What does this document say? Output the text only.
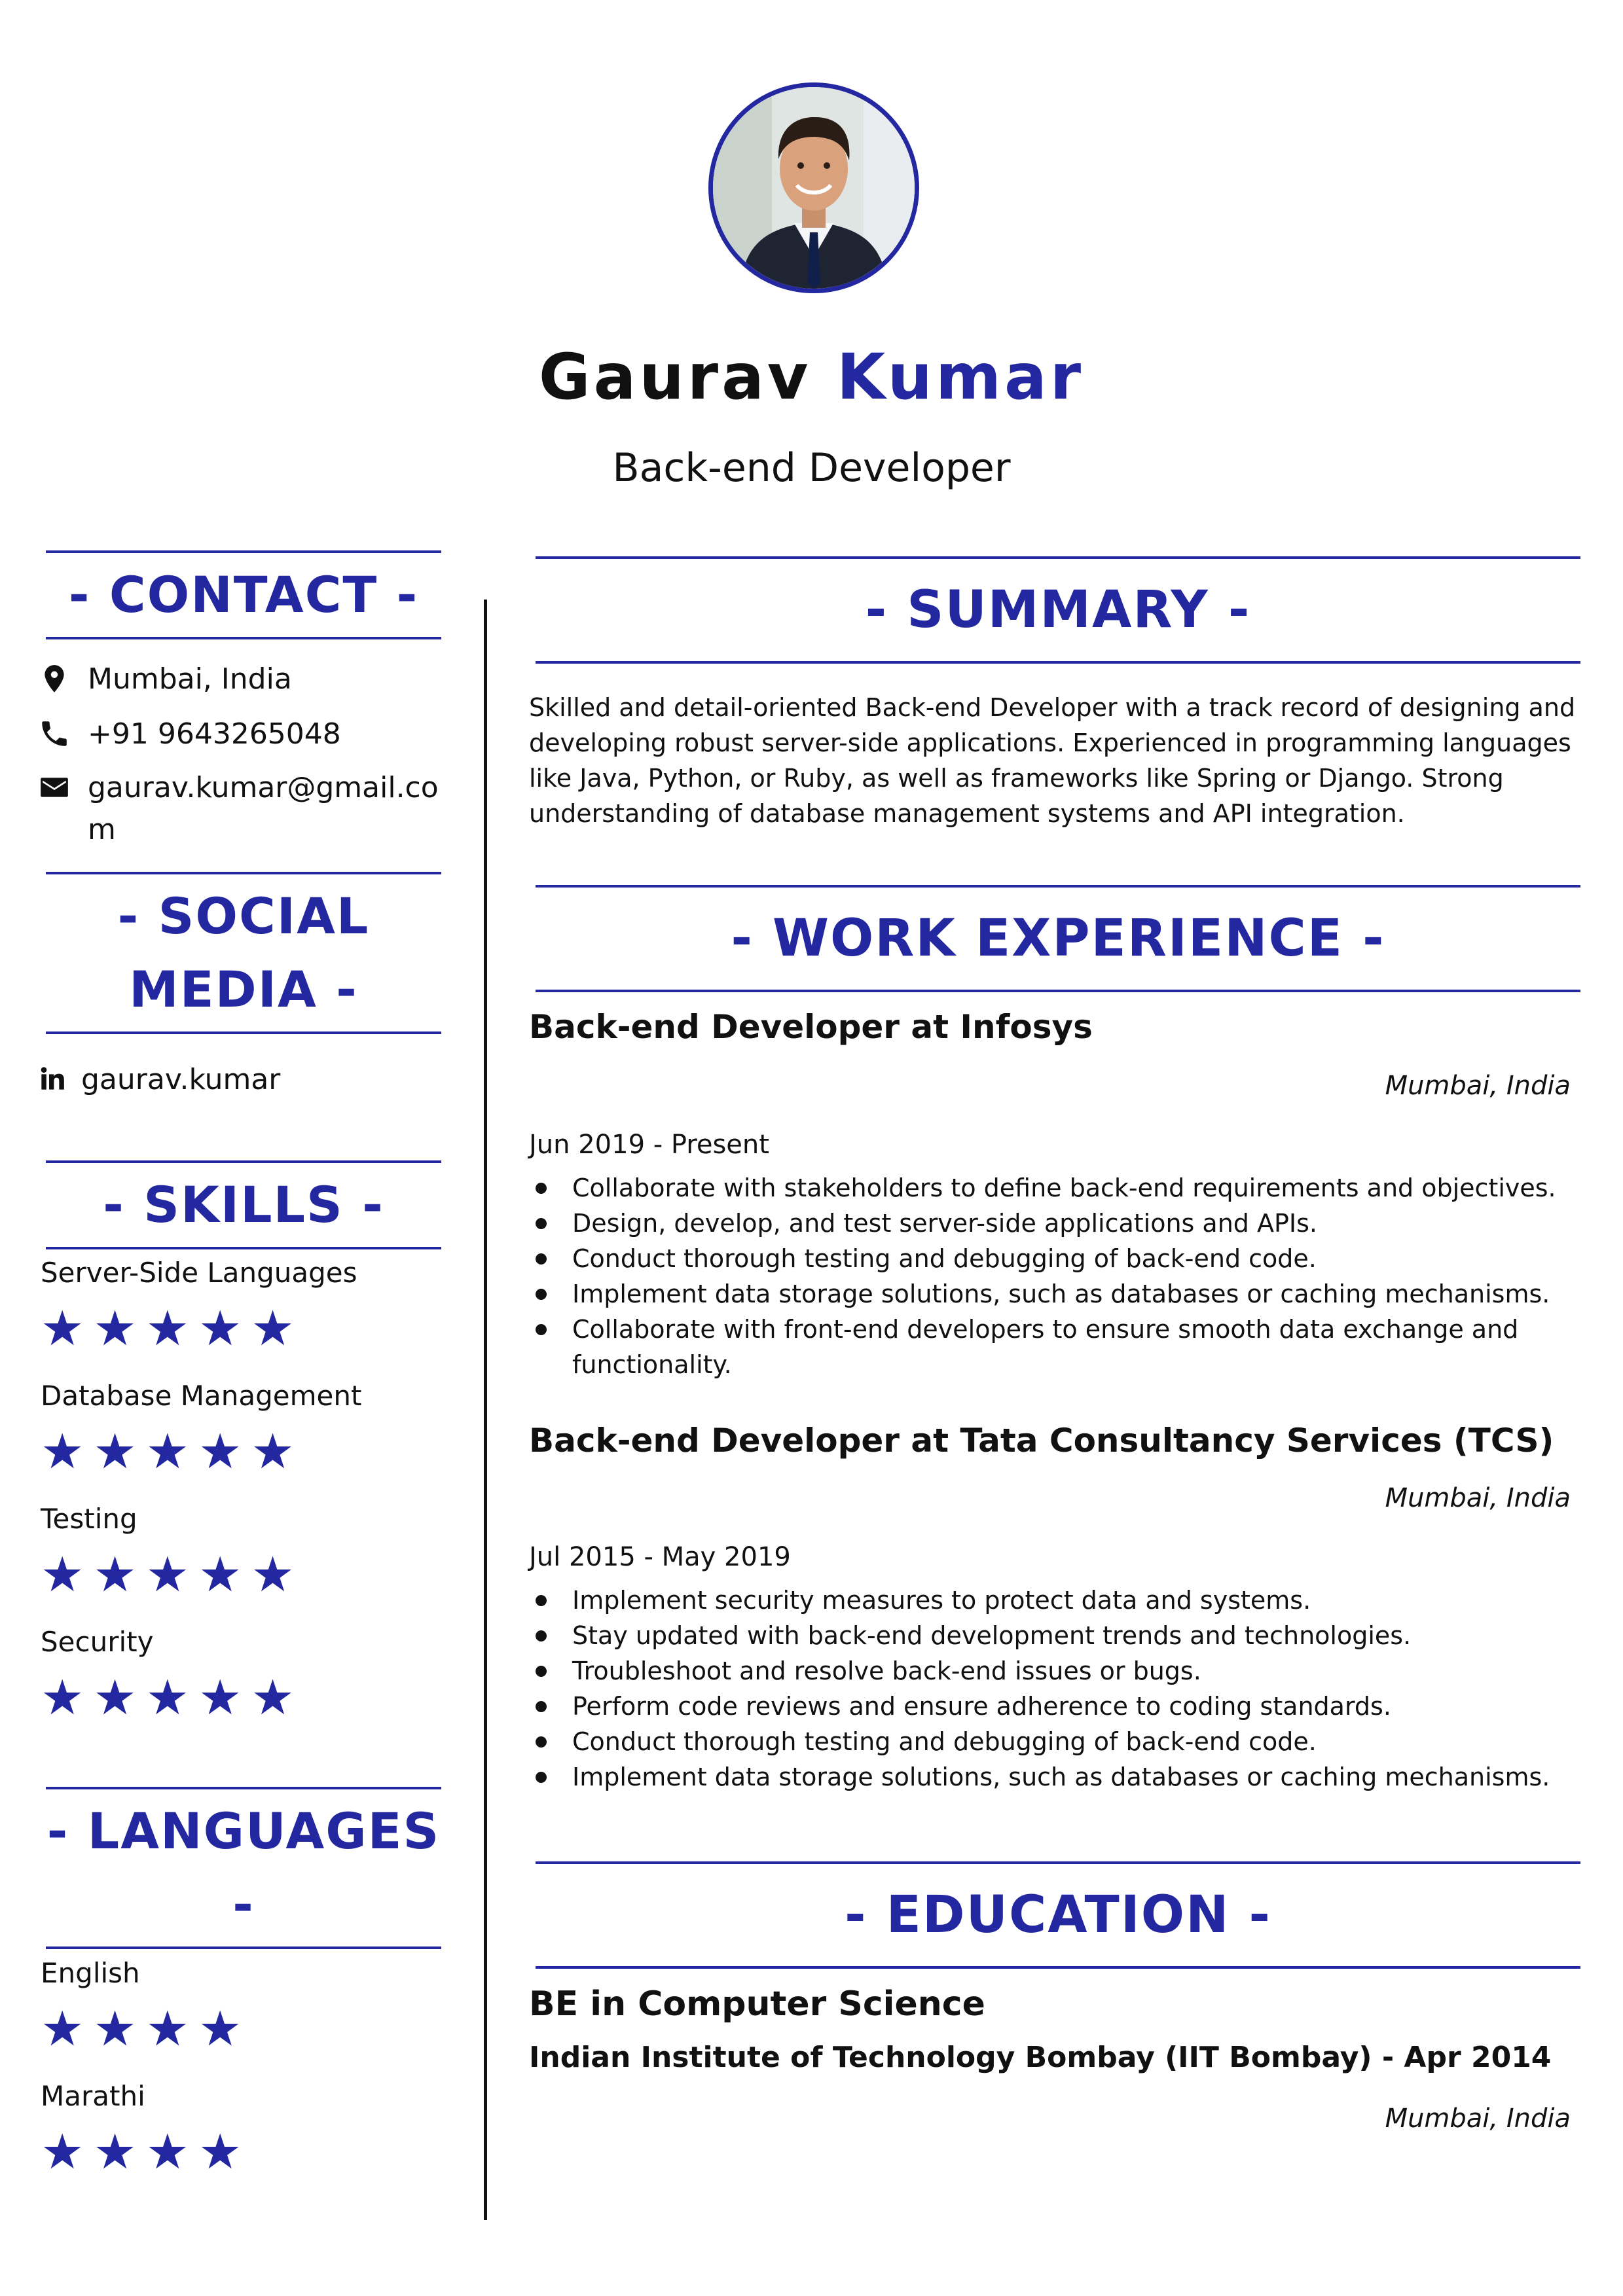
Gaurav Kumar
Back-end Developer
- CONTACT -
Mumbai, India
+91 9643265048
gaurav.kumar@gmail.com
- SOCIAL
MEDIA -
gaurav.kumar
- SKILLS -
Server-Side Languages
★★★★★
Database Management
★★★★★
Testing
★★★★★
Security
★★★★★
- LANGUAGES
-
English
★★★★
Marathi
★★★★
- SUMMARY -
Skilled and detail-oriented Back-end Developer with a track record of designing and developing robust server-side applications. Experienced in programming languages like Java, Python, or Ruby, as well as frameworks like Spring or Django. Strong understanding of database management systems and API integration.
- WORK EXPERIENCE -
Back-end Developer at Infosys
Mumbai, India
Jun 2019 - Present
Collaborate with stakeholders to define back-end requirements and objectives.
Design, develop, and test server-side applications and APIs.
Conduct thorough testing and debugging of back-end code.
Implement data storage solutions, such as databases or caching mechanisms.
Collaborate with front-end developers to ensure smooth data exchange and functionality.
Back-end Developer at Tata Consultancy Services (TCS)
Mumbai, India
Jul 2015 - May 2019
Implement security measures to protect data and systems.
Stay updated with back-end development trends and technologies.
Troubleshoot and resolve back-end issues or bugs.
Perform code reviews and ensure adherence to coding standards.
Conduct thorough testing and debugging of back-end code.
Implement data storage solutions, such as databases or caching mechanisms.
- EDUCATION -
BE in Computer Science
Indian Institute of Technology Bombay (IIT Bombay) - Apr 2014
Mumbai, India
